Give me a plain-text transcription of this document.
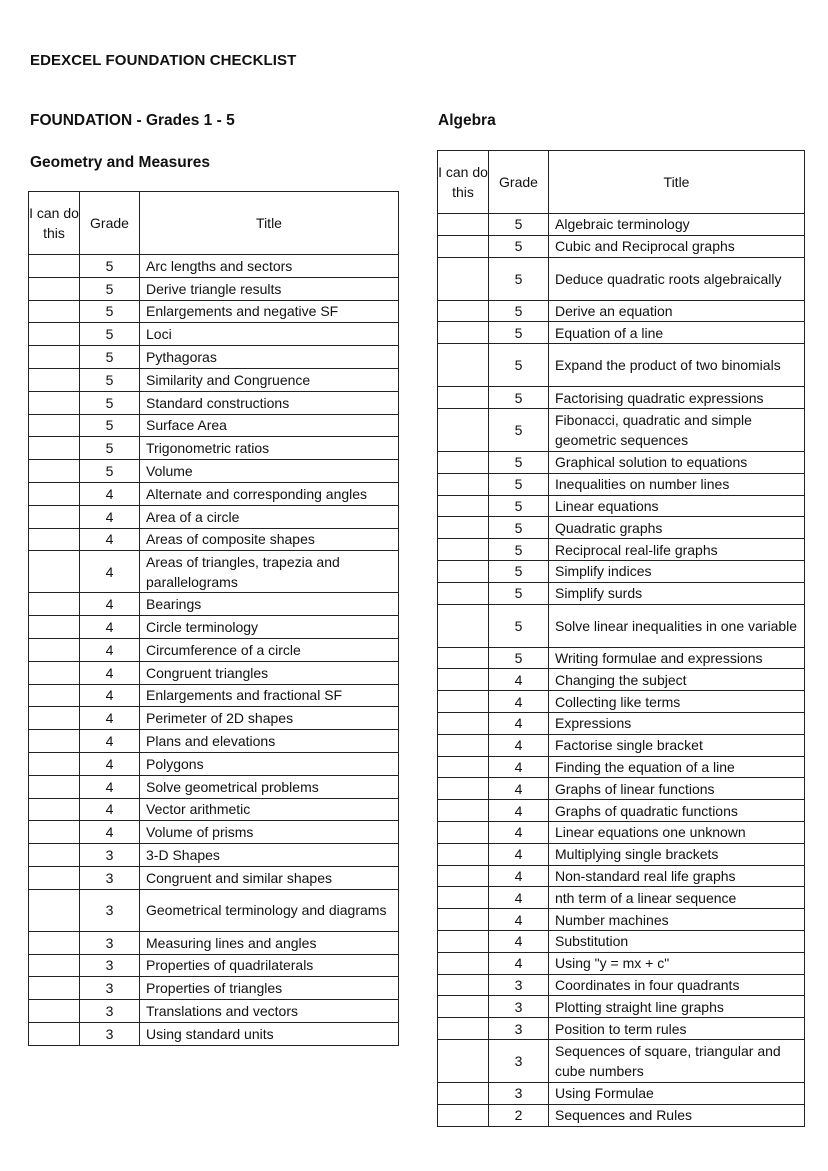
EDEXCEL FOUNDATION CHECKLIST
FOUNDATION - Grades 1 - 5
Geometry and Measures
Algebra
I can do this	Grade	Title
	5	Arc lengths and sectors
	5	Derive triangle results
	5	Enlargements and negative SF
	5	Loci
	5	Pythagoras
	5	Similarity and Congruence
	5	Standard constructions
	5	Surface Area
	5	Trigonometric ratios
	5	Volume
	4	Alternate and corresponding angles
	4	Area of a circle
	4	Areas of composite shapes
	4	Areas of triangles, trapezia and parallelograms
	4	Bearings
	4	Circle terminology
	4	Circumference of a circle
	4	Congruent triangles
	4	Enlargements and fractional SF
	4	Perimeter of 2D shapes
	4	Plans and elevations
	4	Polygons
	4	Solve geometrical problems
	4	Vector arithmetic
	4	Volume of prisms
	3	3-D Shapes
	3	Congruent and similar shapes
	3	Geometrical terminology and diagrams
	3	Measuring lines and angles
	3	Properties of quadrilaterals
	3	Properties of triangles
	3	Translations and vectors
	3	Using standard units
I can do this	Grade	Title
	5	Algebraic terminology
	5	Cubic and Reciprocal graphs
	5	Deduce quadratic roots algebraically
	5	Derive an equation
	5	Equation of a line
	5	Expand the product of two binomials
	5	Factorising quadratic expressions
	5	Fibonacci, quadratic and simple geometric sequences
	5	Graphical solution to equations
	5	Inequalities on number lines
	5	Linear equations
	5	Quadratic graphs
	5	Reciprocal real-life graphs
	5	Simplify indices
	5	Simplify surds
	5	Solve linear inequalities in one variable
	5	Writing formulae and expressions
	4	Changing the subject
	4	Collecting like terms
	4	Expressions
	4	Factorise single bracket
	4	Finding the equation of a line
	4	Graphs of linear functions
	4	Graphs of quadratic functions
	4	Linear equations one unknown
	4	Multiplying single brackets
	4	Non-standard real life graphs
	4	nth term of a linear sequence
	4	Number machines
	4	Substitution
	4	Using "y = mx + c"
	3	Coordinates in four quadrants
	3	Plotting straight line graphs
	3	Position to term rules
	3	Sequences of square, triangular and cube numbers
	3	Using Formulae
	2	Sequences and Rules
